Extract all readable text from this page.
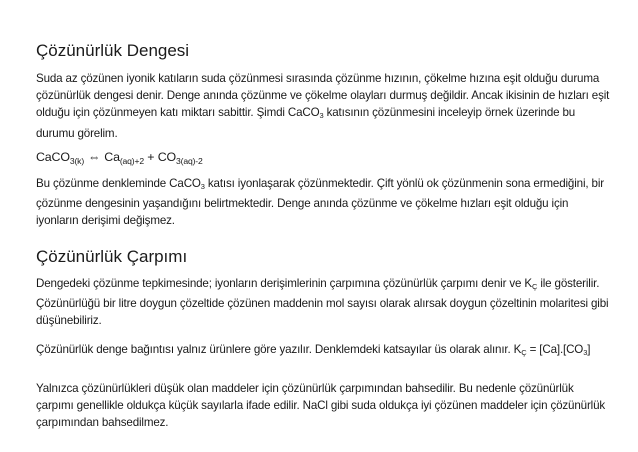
Çözünürlük Dengesi

Suda az çözünen iyonik katıların suda çözünmesi sırasında çözünme hızının, çökelme hızına eşit olduğu duruma çözünürlük dengesi denir. Denge anında çözünme ve çökelme olayları durmuş değildir. Ancak ikisinin de hızları eşit olduğu için çözünmeyen katı miktarı sabittir. Şimdi CaCO$_3$ katısının çözünmesini inceleyip örnek üzerinde bu durumu görelim.

CaCO$_{3(k)}$ ⇔ $Ca_{(aq)+2} + CO_{3(aq)-2}$

Bu çözünme denkleminde CaCO$_3$ katısı iyonlaşarak çözünmektedir. Çift yönlü ok çözünmenin sona ermediğini, bir çözünme dengesinin yaşandığını belirtmektedir. Denge anında çözünme ve çökelme hızları eşit olduğu için iyonların derişimi değişmez.

Çözünürlük Çarpımı

Dengedeki çözünme tepkimesinde; iyonların derişimlerinin çarpımına çözünürlük çarpımı denir ve $K_Ç$ ile gösterilir. Çözünürlüğü bir litre doygun çözeltide çözünen maddenin mol sayısı olarak alırsak doygun çözeltinin molaritesi gibi düşünebiliriz.

Çözünürlük denge bağıntısı yalnız ürünlere göre yazılır. Denklemdeki katsayılar üs olarak alınır. $K_Ç = [Ca].[CO_3]$

Yalnızca çözünürlükleri düşük olan maddeler için çözünürlük çarpımından bahsedilir. Bu nedenle çözünürlük çarpımı genellikle oldukça küçük sayılarla ifade edilir. NaCl gibi suda oldukça iyi çözünen maddeler için çözünürlük çarpımından bahsedilmez.
